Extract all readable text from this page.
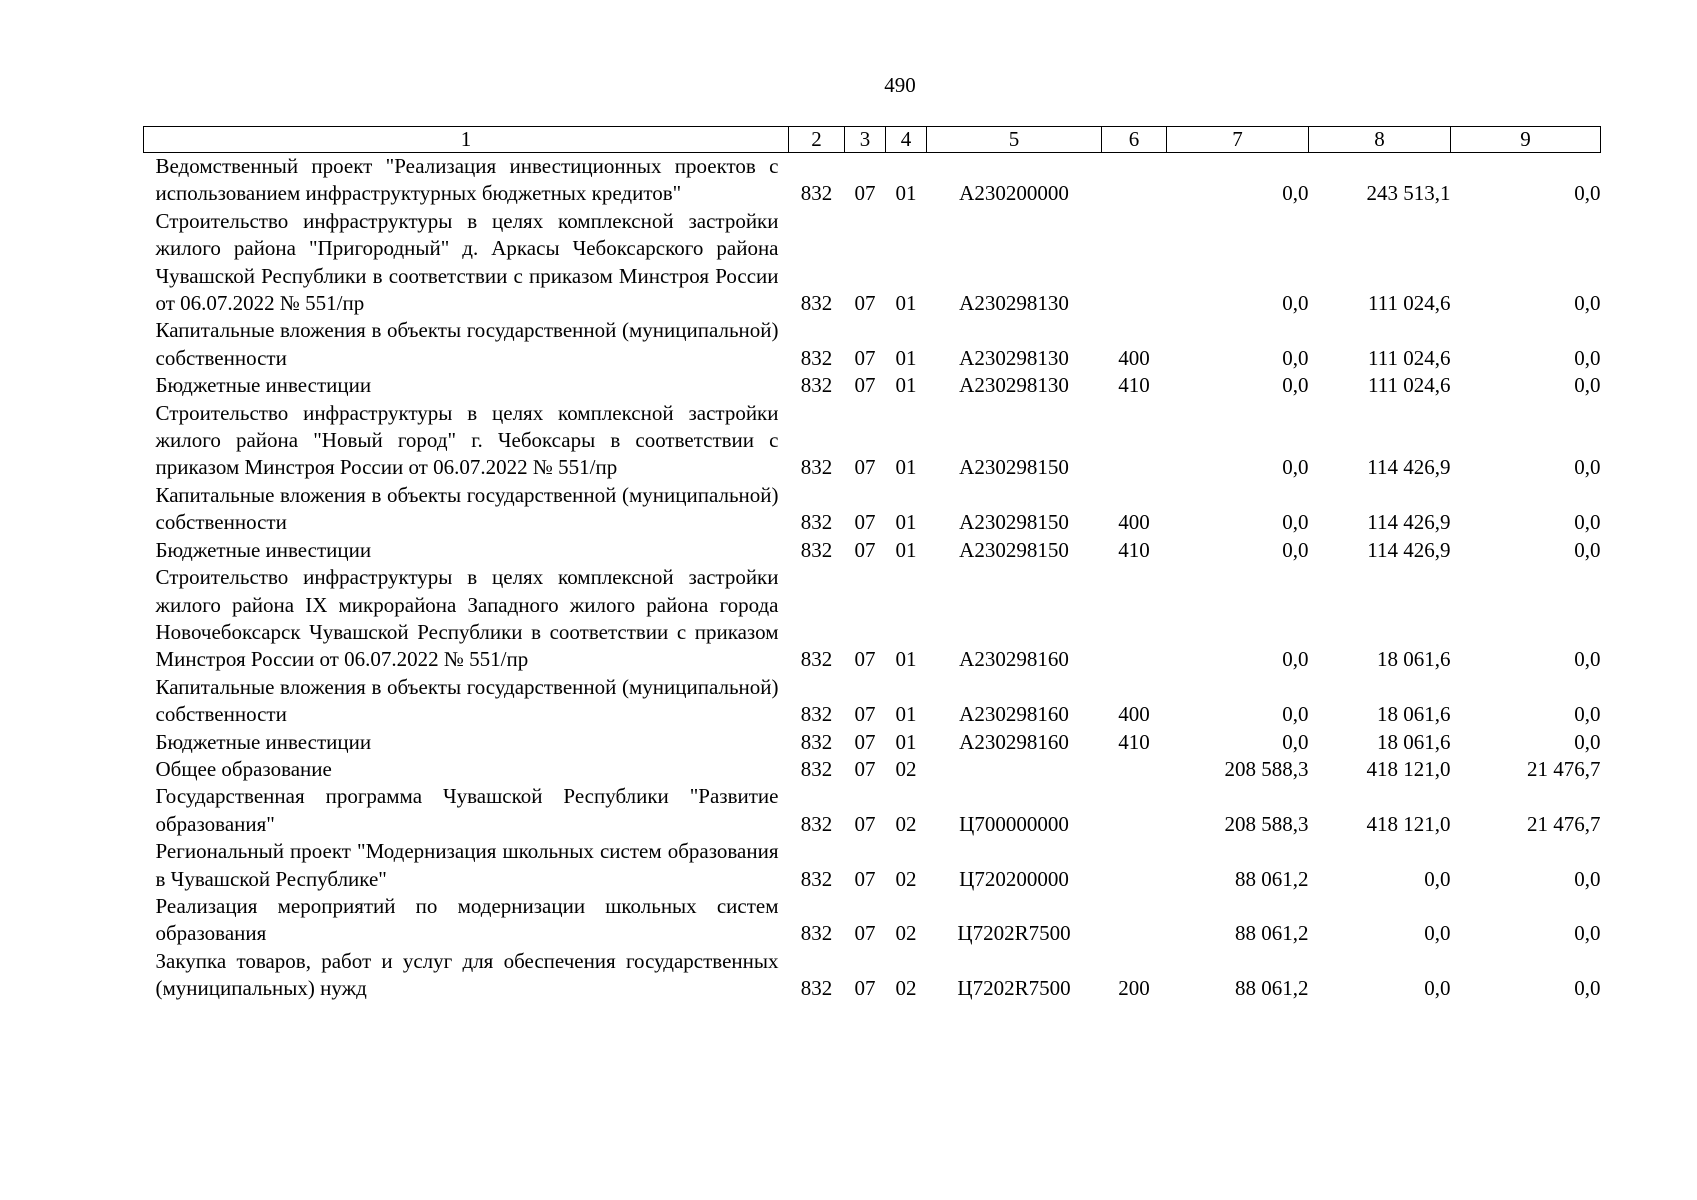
490
1	2	3	4	5	6	7	8	9
Ведомственный проект "Реализация инвестиционных проектов с использованием инфраструктурных бюджетных кредитов"	832	07	01	А230200000		0,0	243 513,1	0,0
Строительство инфраструктуры в целях комплексной застройки жилого района "Пригородный" д. Аркасы Чебоксарского района Чувашской Республики в соответствии с приказом Минстроя России от 06.07.2022 № 551/пр	832	07	01	А230298130		0,0	111 024,6	0,0
Капитальные вложения в объекты государственной (муниципальной) собственности	832	07	01	А230298130	400	0,0	111 024,6	0,0
Бюджетные инвестиции	832	07	01	А230298130	410	0,0	111 024,6	0,0
Строительство инфраструктуры в целях комплексной застройки жилого района "Новый город" г. Чебоксары в соответствии с приказом Минстроя России от 06.07.2022 № 551/пр	832	07	01	А230298150		0,0	114 426,9	0,0
Капитальные вложения в объекты государственной (муниципальной) собственности	832	07	01	А230298150	400	0,0	114 426,9	0,0
Бюджетные инвестиции	832	07	01	А230298150	410	0,0	114 426,9	0,0
Строительство инфраструктуры в целях комплексной застройки жилого района IX микрорайона Западного жилого района города Новочебоксарск Чувашской Республики в соответствии с приказом Минстроя России от 06.07.2022 № 551/пр	832	07	01	А230298160		0,0	18 061,6	0,0
Капитальные вложения в объекты государственной (муниципальной) собственности	832	07	01	А230298160	400	0,0	18 061,6	0,0
Бюджетные инвестиции	832	07	01	А230298160	410	0,0	18 061,6	0,0
Общее образование	832	07	02			208 588,3	418 121,0	21 476,7
Государственная программа Чувашской Республики "Развитие образования"	832	07	02	Ц700000000		208 588,3	418 121,0	21 476,7
Региональный проект "Модернизация школьных систем образования в Чувашской Республике"	832	07	02	Ц720200000		88 061,2	0,0	0,0
Реализация мероприятий по модернизации школьных систем образования	832	07	02	Ц7202R7500		88 061,2	0,0	0,0
Закупка товаров, работ и услуг для обеспечения государственных (муниципальных) нужд	832	07	02	Ц7202R7500	200	88 061,2	0,0	0,0
